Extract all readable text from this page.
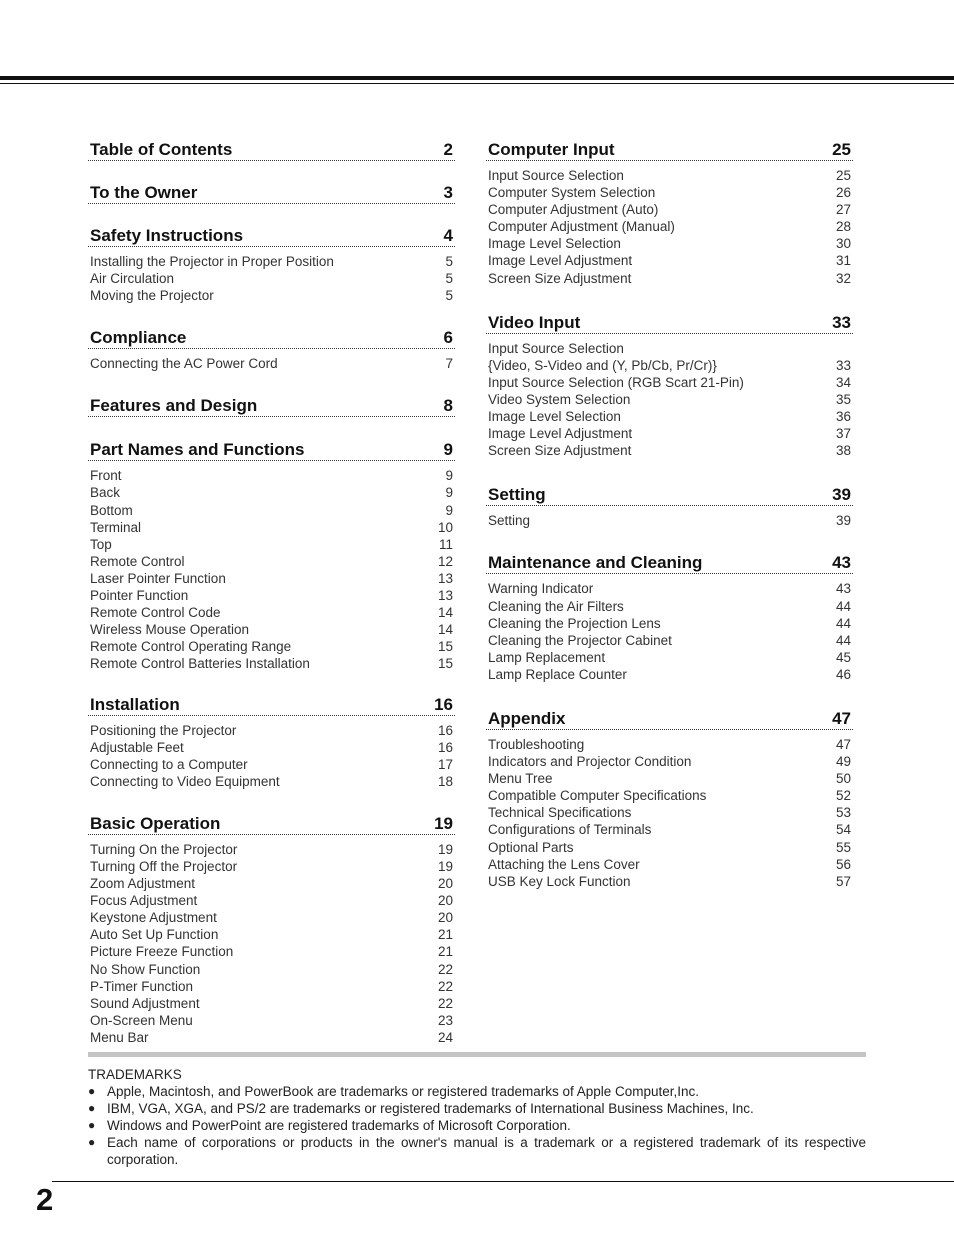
Table of Contents	2
To the Owner	3
Safety Instructions	4
Installing the Projector in Proper Position	5
Air Circulation	5
Moving the Projector	5
Compliance	6
Connecting the AC Power Cord	7
Features and Design	8
Part Names and Functions	9
Front	9
Back	9
Bottom	9
Terminal	10
Top	11
Remote Control	12
Laser Pointer Function	13
Pointer Function	13
Remote Control Code	14
Wireless Mouse Operation	14
Remote Control Operating Range	15
Remote Control Batteries Installation	15
Installation	16
Positioning the Projector	16
Adjustable Feet	16
Connecting to a Computer	17
Connecting to Video Equipment	18
Basic Operation	19
Turning On the Projector	19
Turning Off the Projector	19
Zoom Adjustment	20
Focus Adjustment	20
Keystone Adjustment	20
Auto Set Up Function	21
Picture Freeze Function	21
No Show Function	22
P-Timer Function	22
Sound Adjustment	22
On-Screen Menu	23
Menu Bar	24
Computer Input	25
Input Source Selection	25
Computer System Selection	26
Computer Adjustment (Auto)	27
Computer Adjustment (Manual)	28
Image Level Selection	30
Image Level Adjustment	31
Screen Size Adjustment	32
Video Input	33
Input Source Selection
{Video, S-Video and (Y, Pb/Cb, Pr/Cr)}	33
Input Source Selection (RGB Scart 21-Pin)	34
Video System Selection	35
Image Level Selection	36
Image Level Adjustment	37
Screen Size Adjustment	38
Setting	39
Setting	39
Maintenance and Cleaning	43
Warning Indicator	43
Cleaning the Air Filters	44
Cleaning the Projection Lens	44
Cleaning the Projector Cabinet	44
Lamp Replacement	45
Lamp Replace Counter	46
Appendix	47
Troubleshooting	47
Indicators and Projector Condition	49
Menu Tree	50
Compatible Computer Specifications	52
Technical Specifications	53
Configurations of Terminals	54
Optional Parts	55
Attaching the Lens Cover	56
USB Key Lock Function	57
TRADEMARKS
● Apple, Macintosh, and PowerBook are trademarks or registered trademarks of Apple Computer,Inc.
● IBM, VGA, XGA, and PS/2 are trademarks or registered trademarks of International Business Machines, Inc.
● Windows and PowerPoint are registered trademarks of Microsoft Corporation.
● Each name of corporations or products in the owner's manual is a trademark or a registered trademark of its respective corporation.
2
